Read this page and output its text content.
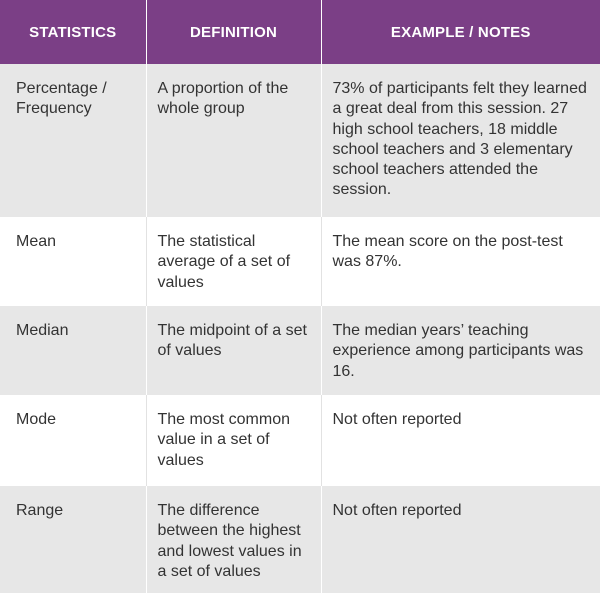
STATISTICS	DEFINITION	EXAMPLE / NOTES
Percentage / Frequency	A proportion of the whole group	73% of participants felt they learned a great deal from this session. 27 high school teachers, 18 middle school teachers and 3 elementary school teachers attended the session.
Mean	The statistical average of a set of values	The mean score on the post-test was 87%.
Median	The midpoint of a set of values	The median years’ teaching experience among participants was 16.
Mode	The most common value in a set of values	Not often reported
Range	The difference between the highest and lowest values in a set of values	Not often reported
